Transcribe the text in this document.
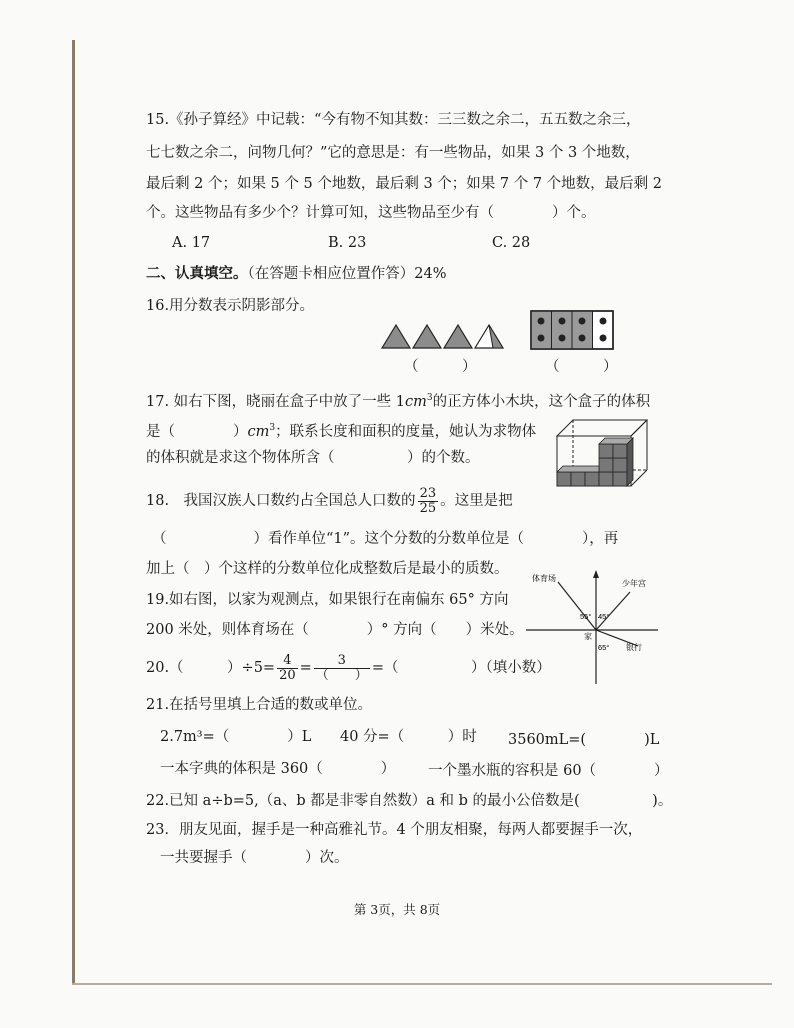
15.《孙子算经》中记载：“今有物不知其数：三三数之余二，五五数之余三，
七七数之余二，问物几何？”它的意思是：有一些物品，如果 3 个 3 个地数，
最后剩 2 个；如果 5 个 5 个地数，最后剩 3 个；如果 7 个 7 个地数，最后剩 2
个。这些物品有多少个？计算可知，这些物品至少有（　　　　）个。
A. 17	B. 23	C. 28
二、认真填空。（在答题卡相应位置作答）24%
16.用分数表示阴影部分。
（　　　）	（　　　）
17. 如右下图，晓丽在盒子中放了一些 $1cm^3$的正方体小木块，这个盒子的体积
是（　　　　）$cm^3$；联系长度和面积的度量，她认为求物体
的体积就是求这个物体所含（　　　　　）的个数。
18.　我国汉族人口数约占全国总人口数的 $\frac{23}{25}$ 。这里是把
（　　　　　　）看作单位“1”。这个分数的分数单位是（　　　　），再
加上（　）个这样的分数单位化成整数后是最小的质数。
19.如右图，以家为观测点，如果银行在南偏东 65° 方向
200 米处，则体育场在（　　　　）° 方向（　　）米处。
体育场
少年宫
家
银行
55° 45°
65°
20.（　　　）$\div 5= \frac{4}{20} = \frac{3}{( )}$ =（　　　　　）（填小数）
21.在括号里填上合适的数或单位。
2.7m³=（　　　　）L 40 分=（　　　）时 3560mL=(　　　　)L
一本字典的体积是 360（　　　　） 一个墨水瓶的容积是 60（　　　　）
22.已知 a÷b=5,（a、b 都是非零自然数）a 和 b 的最小公倍数是(　　　　　)。
23．朋友见面，握手是一种高雅礼节。4 个朋友相聚，每两人都要握手一次，
一共要握手（　　　　）次。
第 3页，共 8页
